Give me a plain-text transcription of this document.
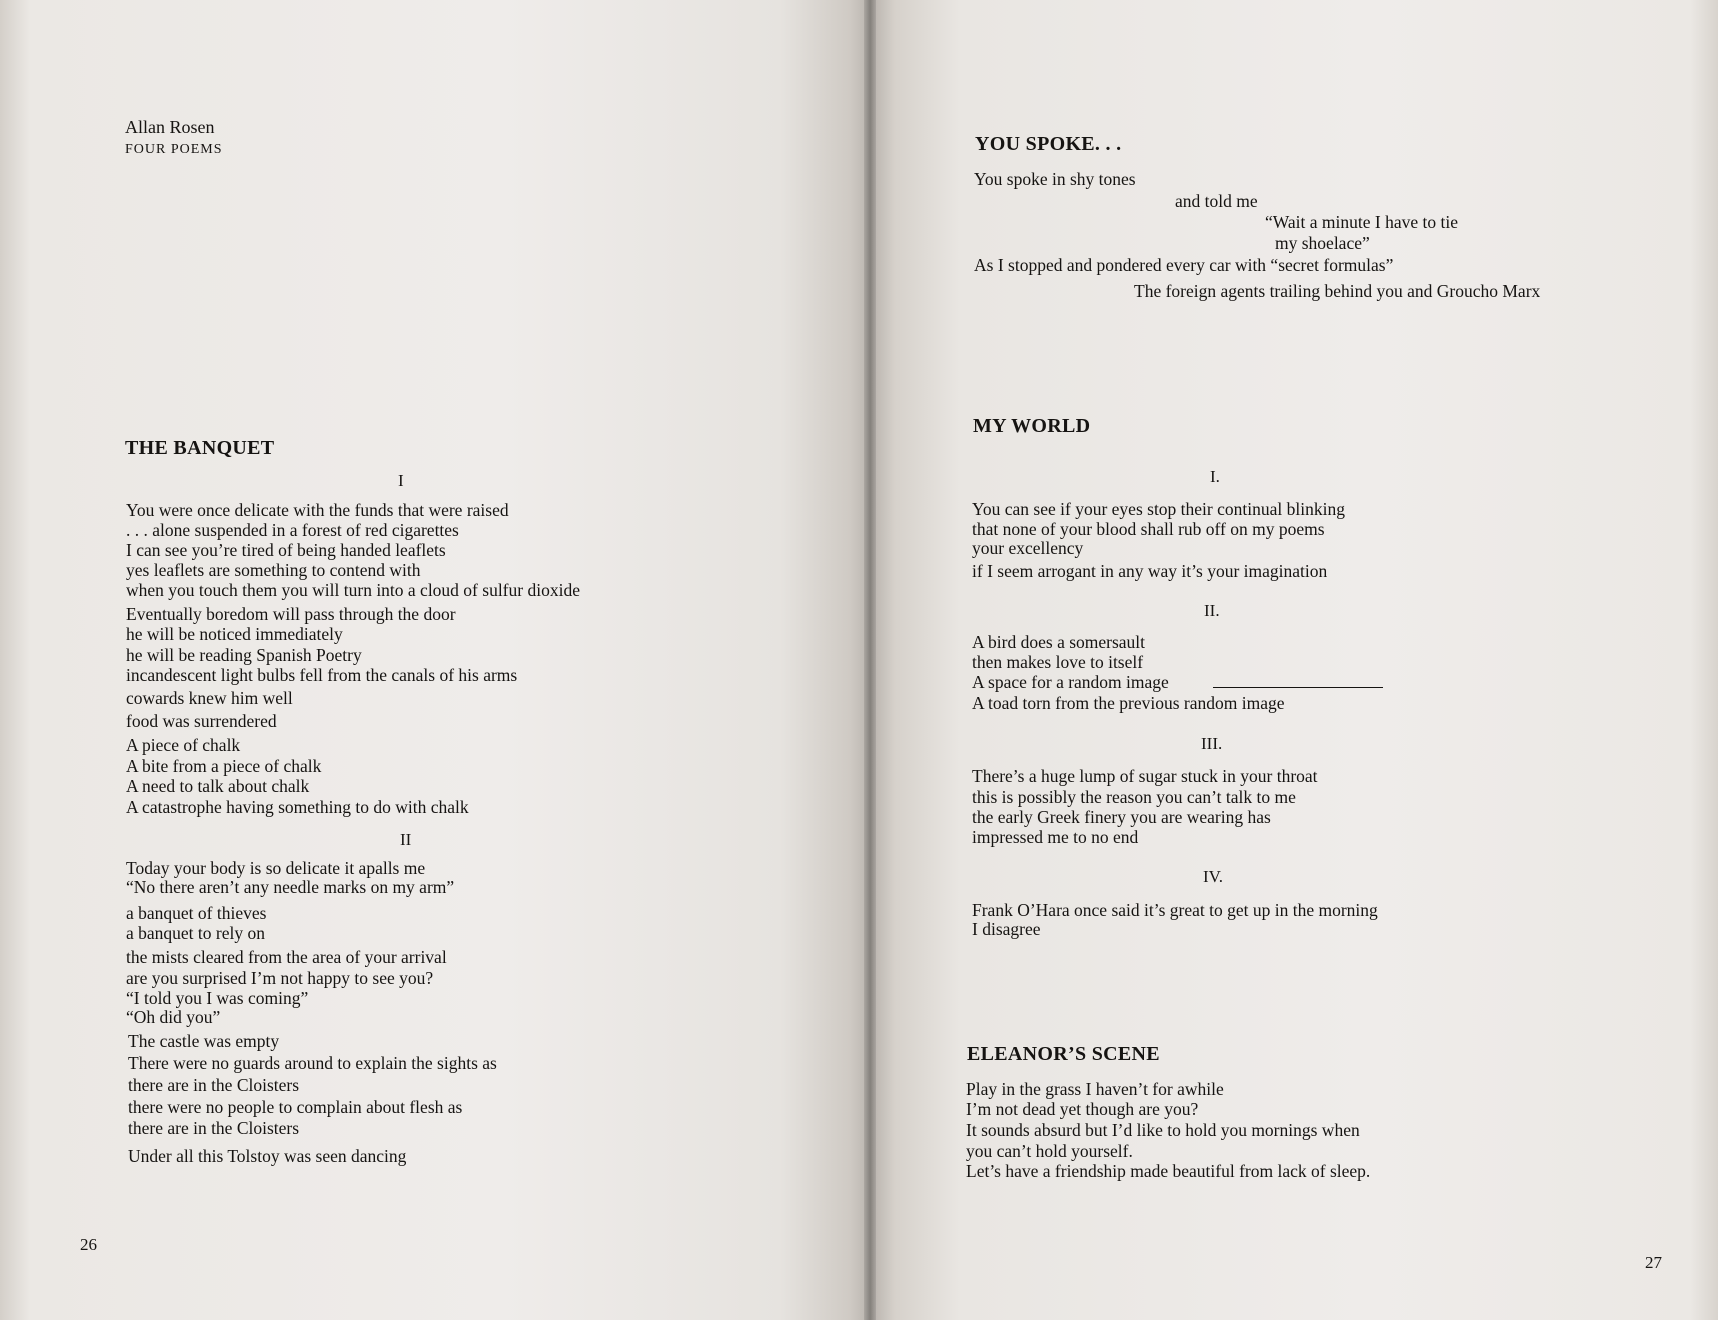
Allan Rosen
FOUR POEMS
THE BANQUET
I
You were once delicate with the funds that were raised
. . . alone suspended in a forest of red cigarettes
I can see you’re tired of being handed leaflets
yes leaflets are something to contend with
when you touch them you will turn into a cloud of sulfur dioxide
Eventually boredom will pass through the door
he will be noticed immediately
he will be reading Spanish Poetry
incandescent light bulbs fell from the canals of his arms
cowards knew him well
food was surrendered
A piece of chalk
A bite from a piece of chalk
A need to talk about chalk
A catastrophe having something to do with chalk
II
Today your body is so delicate it apalls me
“No there aren’t any needle marks on my arm”
a banquet of thieves
a banquet to rely on
the mists cleared from the area of your arrival
are you surprised I’m not happy to see you?
“I told you I was coming”
“Oh did you”
The castle was empty
There were no guards around to explain the sights as
there are in the Cloisters
there were no people to complain about flesh as
there are in the Cloisters
Under all this Tolstoy was seen dancing
26
YOU SPOKE. . .
You spoke in shy tones
and told me
“Wait a minute I have to tie
my shoelace”
As I stopped and pondered every car with “secret formulas”
The foreign agents trailing behind you and Groucho Marx
MY WORLD
I.
You can see if your eyes stop their continual blinking
that none of your blood shall rub off on my poems
your excellency
if I seem arrogant in any way it’s your imagination
II.
A bird does a somersault
then makes love to itself
A space for a random image
A toad torn from the previous random image
III.
There’s a huge lump of sugar stuck in your throat
this is possibly the reason you can’t talk to me
the early Greek finery you are wearing has
impressed me to no end
IV.
Frank O’Hara once said it’s great to get up in the morning
I disagree
ELEANOR’S SCENE
Play in the grass I haven’t for awhile
I’m not dead yet though are you?
It sounds absurd but I’d like to hold you mornings when
you can’t hold yourself.
Let’s have a friendship made beautiful from lack of sleep.
27
